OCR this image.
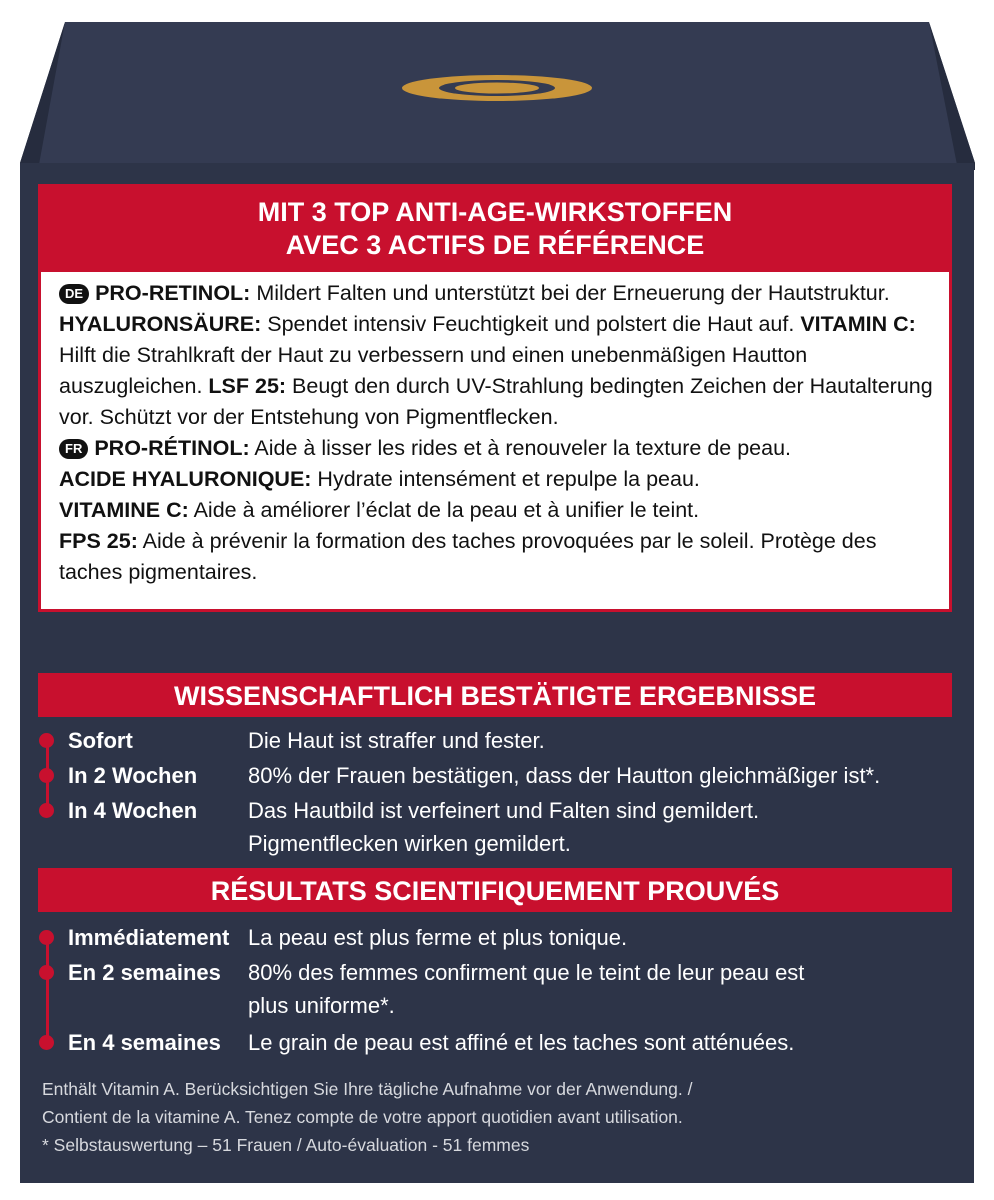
MIT 3 TOP ANTI-AGE-WIRKSTOFFEN
AVEC 3 ACTIFS DE RÉFÉRENCE

DE PRO-RETINOL: Mildert Falten und unterstützt bei der Erneuerung der Hautstruktur. HYALURONSÄURE: Spendet intensiv Feuchtigkeit und polstert die Haut auf. VITAMIN C: Hilft die Strahlkraft der Haut zu verbessern und einen unebenmäßigen Hautton auszugleichen. LSF 25: Beugt den durch UV-Strahlung bedingten Zeichen der Hautalterung vor. Schützt vor der Entstehung von Pigmentflecken.

FR PRO-RÉTINOL: Aide à lisser les rides et à renouveler la texture de peau.
ACIDE HYALURONIQUE: Hydrate intensément et repulpe la peau.
VITAMINE C: Aide à améliorer l’éclat de la peau et à unifier le teint.
FPS 25: Aide à prévenir la formation des taches provoquées par le soleil. Protège des taches pigmentaires.

WISSENSCHAFTLICH BESTÄTIGTE ERGEBNISSE
Sofort	Die Haut ist straffer und fester.
In 2 Wochen	80% der Frauen bestätigen, dass der Hautton gleichmäßiger ist*.
In 4 Wochen	Das Hautbild ist verfeinert und Falten sind gemildert. Pigmentflecken wirken gemildert.
RÉSULTATS SCIENTIFIQUEMENT PROUVÉS
Immédiatement La peau est plus ferme et plus tonique.
En 2 semaines	80% des femmes confirment que le teint de leur peau est plus uniforme*.
En 4 semaines	Le grain de peau est affiné et les taches sont atténuées.
Enthält Vitamin A. Berücksichtigen Sie Ihre tägliche Aufnahme vor der Anwendung. /
Contient de la vitamine A. Tenez compte de votre apport quotidien avant utilisation.
* Selbstauswertung – 51 Frauen / Auto-évaluation - 51 femmes
